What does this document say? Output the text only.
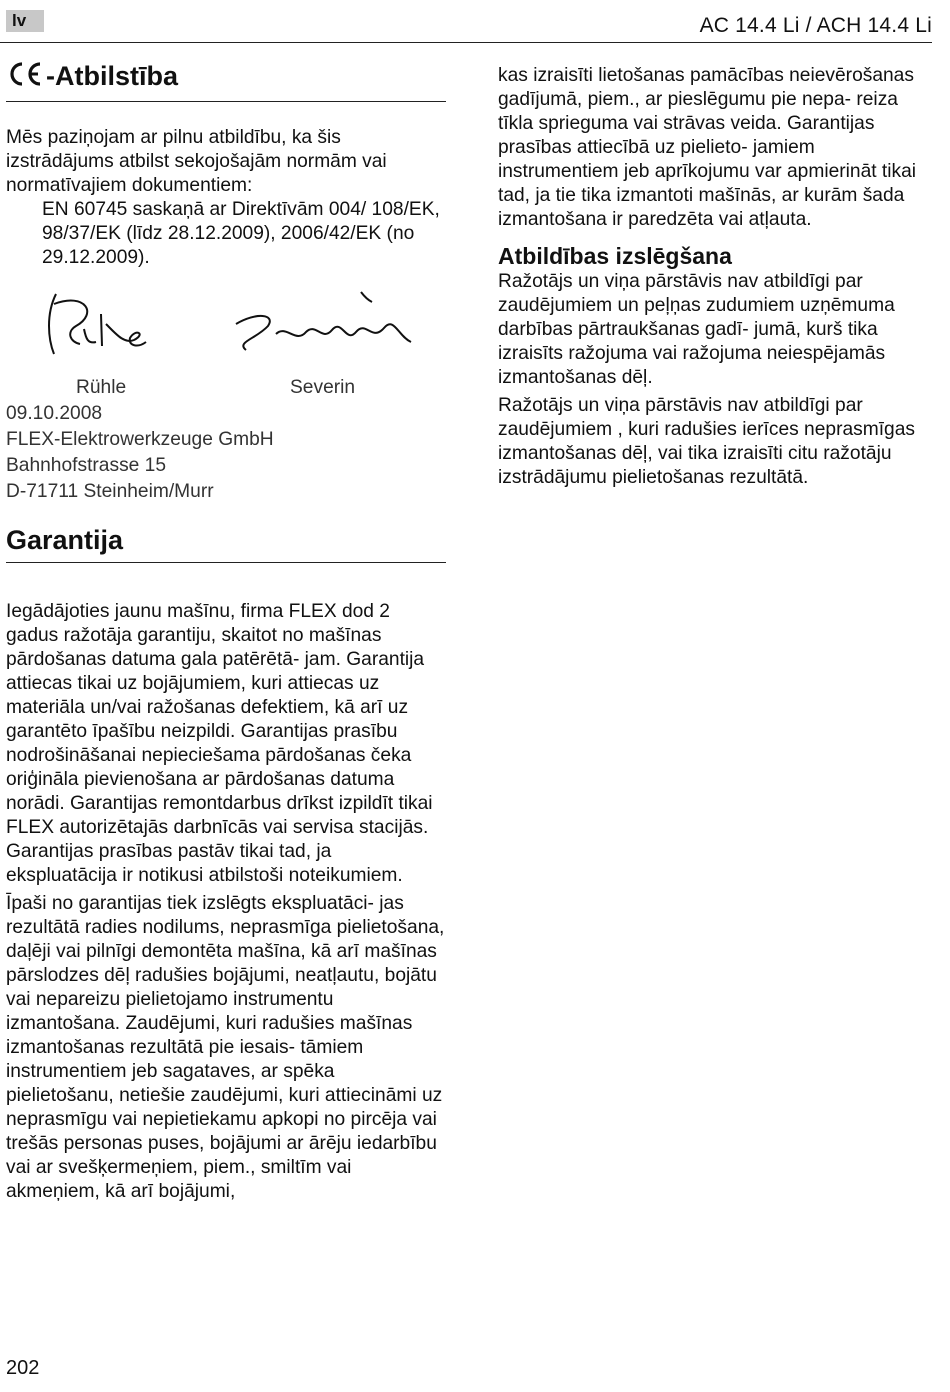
lv	AC 14.4 Li / ACH 14.4 Li
-Atbilstība

Mēs paziņojam ar pilnu atbildību, ka šis izstrādājums atbilst sekojošajām normām vai normatīvajiem dokumentiem:

EN 60745 saskaņā ar Direktīvām 004/ 108/EK, 98/37/EK (līdz 28.12.2009), 2006/42/EK (no 29.12.2009).

Rühle	Severin

09.10.2008

FLEX-Elektrowerkzeuge GmbH

Bahnhofstrasse 15

D-71711 Steinheim/Murr

Garantija

Iegādājoties jaunu mašīnu, firma FLEX dod 2 gadus ražotāja garantiju, skaitot no mašīnas pārdošanas datuma gala patērētā- jam. Garantija attiecas tikai uz bojājumiem, kuri attiecas uz materiāla un/vai ražošanas defektiem, kā arī uz garantēto īpašību neizpildi. Garantijas prasību nodrošināšanai nepieciešama pārdošanas čeka oriģināla pievienošana ar pārdošanas datuma norādi. Garantijas remontdarbus drīkst izpildīt tikai FLEX autorizētajās darbnīcās vai servisa stacijās. Garantijas prasības pastāv tikai tad, ja ekspluatācija ir notikusi atbilstoši noteikumiem.

Īpaši no garantijas tiek izslēgts ekspluatāci- jas rezultātā radies nodilums, neprasmīga pielietošana, daļēji vai pilnīgi demontēta mašīna, kā arī mašīnas pārslodzes dēļ radušies bojājumi, neatļautu, bojātu vai nepareizu pielietojamo instrumentu izmantošana. Zaudējumi, kuri radušies mašīnas izmantošanas rezultātā pie iesais- tāmiem instrumentiem jeb sagataves, ar spēka pielietošanu, netiešie zaudējumi, kuri attiecināmi uz neprasmīgu vai nepietiekamu apkopi no pircēja vai trešās personas puses, bojājumi ar ārēju iedarbību vai ar svešķermeņiem, piem., smiltīm vai akmeņiem, kā arī bojājumi,

kas izraisīti lietošanas pamācības neievērošanas gadījumā, piem., ar pieslēgumu pie nepa- reiza tīkla sprieguma vai strāvas veida. Garantijas prasības attiecībā uz pielieto- jamiem instrumentiem jeb aprīkojumu var apmierināt tikai tad, ja tie tika izmantoti mašīnās, ar kurām šada izmantošana ir paredzēta vai atļauta.

Atbildības izslēgšana

Ražotājs un viņa pārstāvis nav atbildīgi par zaudējumiem un peļņas zudumiem uzņēmuma darbības pārtraukšanas gadī- jumā, kurš tika izraisīts ražojuma vai ražojuma neiespējamās izmantošanas dēļ.

Ražotājs un viņa pārstāvis nav atbildīgi par zaudējumiem , kuri radušies ierīces neprasmīgas izmantošanas dēļ, vai tika izraisīti citu ražotāju izstrādājumu pielietošanas rezultātā.

202
